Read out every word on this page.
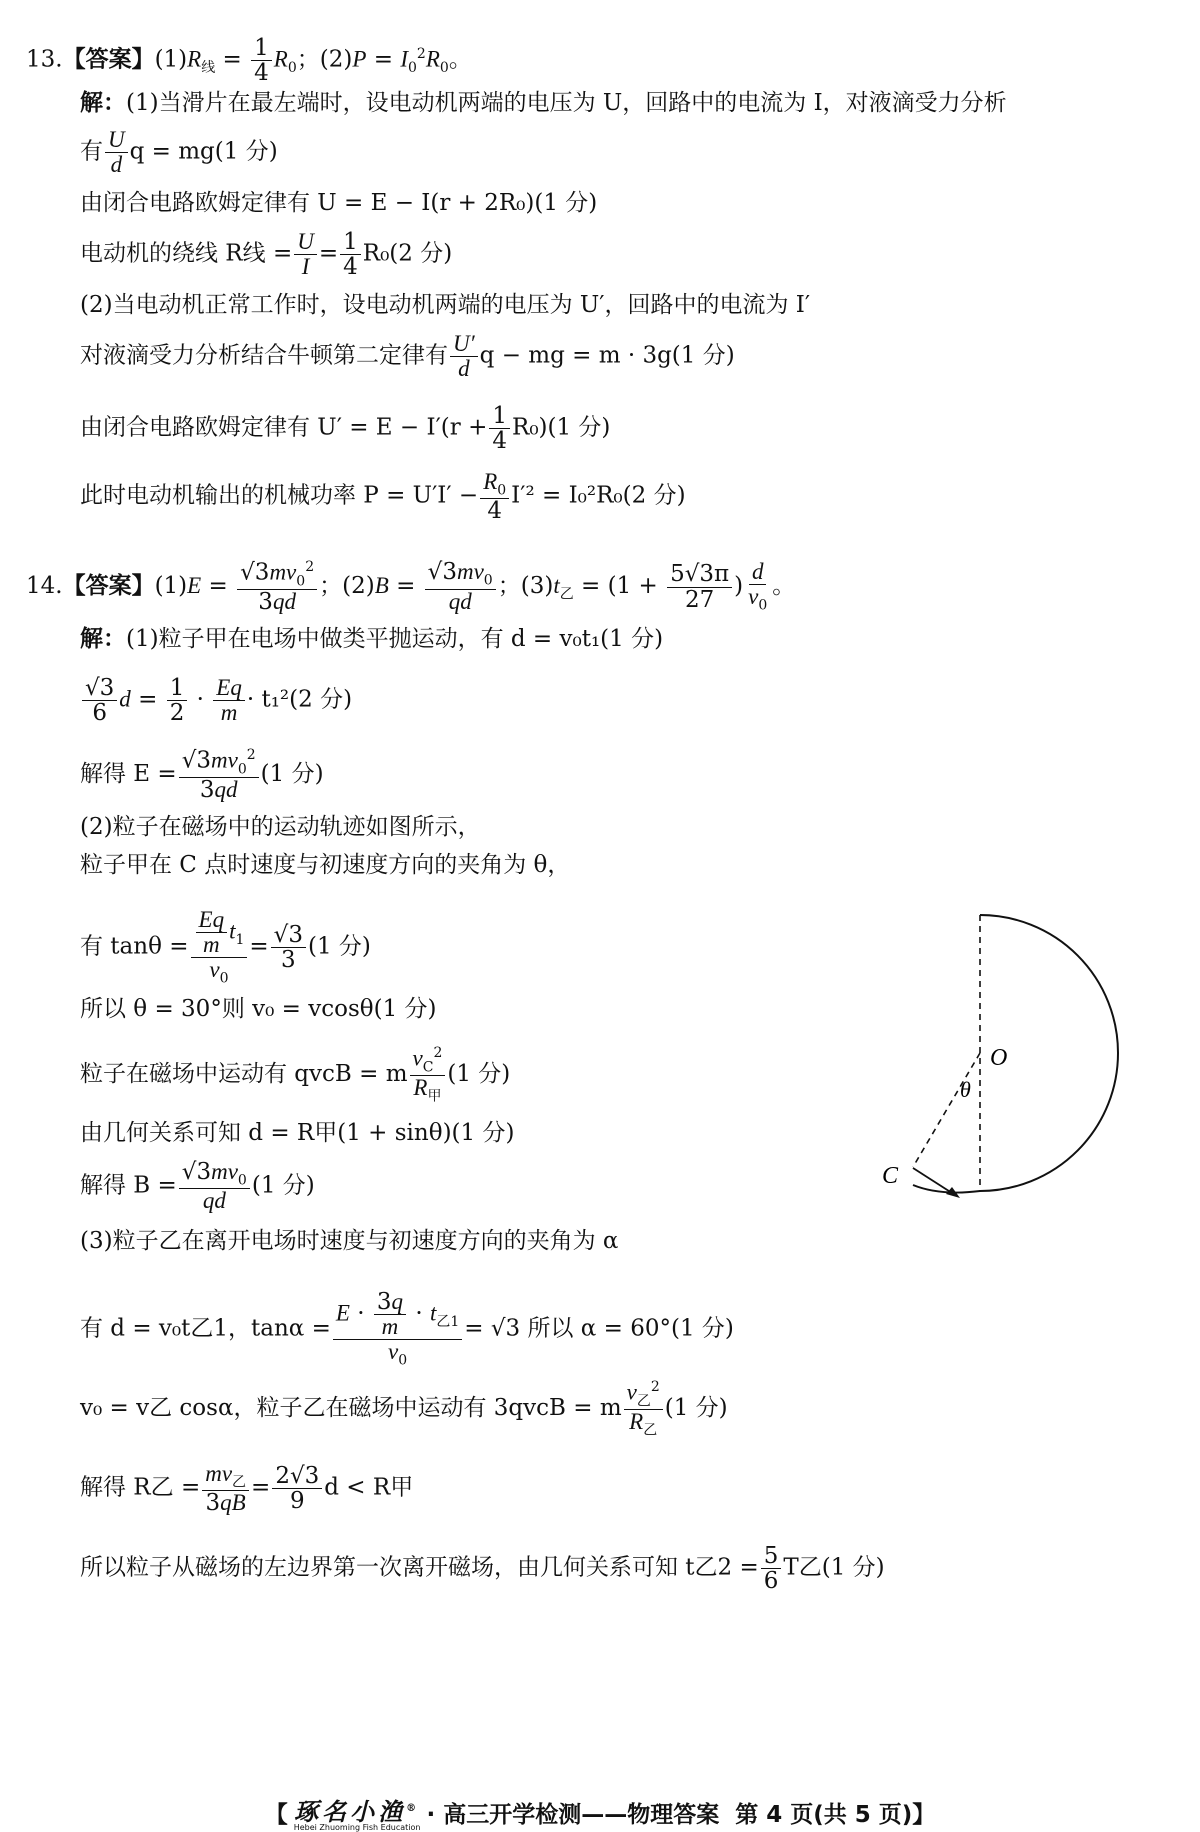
13.【答案】$(1)R_线 = \frac{1}{4} R_0$；$(2)P = I_0^2R_0$。
解：(1)当滑片在最左端时，设电动机两端的电压为 U，回路中的电流为 I，对液滴受力分析
有 $\frac{U}{d}$ q = mg(1 分)
由闭合电路欧姆定律有 U = E − I(r + 2R₀)(1 分)
电动机的绕线 R线 = $\frac{U}{I} = \frac{1}{4} R_0(2$ 分)
(2)当电动机正常工作时，设电动机两端的电压为 U′，回路中的电流为 I′
对液滴受力分析结合牛顿第二定律有 $\frac{U'}{d}$ q − mg = m · 3g(1 分)
由闭合电路欧姆定律有 $U' = E - I'(r + \frac{1}{4} R_0)(1$ 分)
此时电动机输出的机械功率 $P = U'I' - \frac{R_0}{4} I'^2 = I_0^2R_0(2$ 分)
14.【答案】$(1)E = \frac{√3mv_0^2}{3qd}$ ；$(2)B = \frac{√3mv_0}{qd}$ ；$(3)t_乙 = (1 + \frac{5√3\pi}{27}$ ) $\frac{d}{v_0}$ 。
解：(1)粒子甲在电场中做类平抛运动，有 d = v₀t₁(1 分)
$\frac{√3}{6}$ $d = \frac{1}{2} \cdot \frac{Eq}{m} \cdot t_1^2(2$ 分)
解得 $E = \frac{√3mv_0^2}{3qd} (1$ 分)
(2)粒子在磁场中的运动轨迹如图所示，
粒子甲在 C 点时速度与初速度方向的夹角为 θ，
有 $\tan\theta = \frac{\frac{Eq}{m} t_1}{v_0} = \frac{√3}{3} (1$ 分)
所以 θ = 30°则 v₀ = vcosθ(1 分)
粒子在磁场中运动有 qvcB = m $\frac{v_C^2}{R_甲} (1$ 分)
由几何关系可知 d = R甲(1 + sinθ)(1 分)
解得 $B = \frac{√3mv_0}{qd} (1$ 分)
(3)粒子乙在离开电场时速度与初速度方向的夹角为 α
有 d = v₀t乙1，$\tan\alpha = \frac{E \cdot \frac{3q}{m} \cdot t_{乙1}}{v_0} = √3$ 所以 α = 60°(1 分)
v₀ = v乙 cosα，粒子乙在磁场中运动有 3qvcB = m $\frac{v_乙^2}{R_乙} (1$ 分)
解得 R乙 = $\frac{mv_乙}{3qB} = \frac{2√3}{9}$ d < R甲
所以粒子从磁场的左边界第一次离开磁场，由几何关系可知 t乙$2 = \frac{5}{6}$ T乙(1 分)
O
θ
C
【 琢名小渔®
Hebei Zhuoming Fish Education · 高三开学检测——物理答案 第 4 页(共 5 页)】
